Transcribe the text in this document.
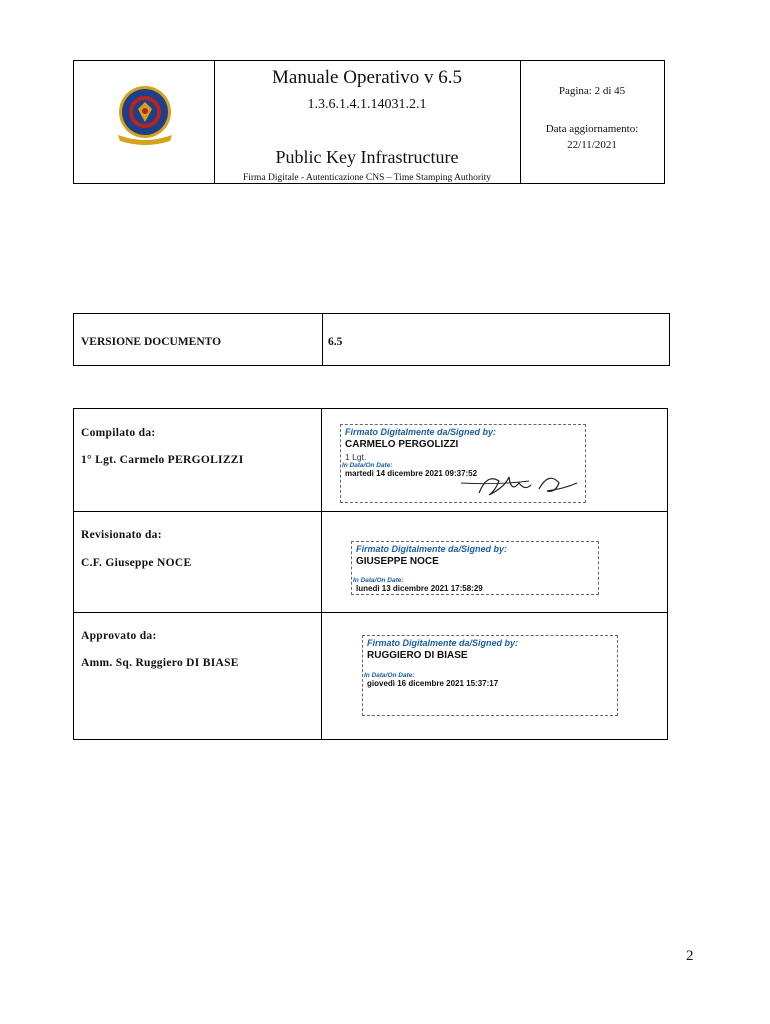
Manuale Operativo v 6.5
1.3.6.1.4.1.14031.2.1
Public Key Infrastructure
Firma Digitale - Autenticazione CNS – Time Stamping Authority
Pagina: 2 di 45
Data aggiornamento:
22/11/2021
VERSIONE DOCUMENTO	6.5
Compilato da:
1° Lgt. Carmelo PERGOLIZZI
Firmato Digitalmente da/Signed by:
CARMELO PERGOLIZZI
1 Lgt.
In Data/On Date:
martedì 14 dicembre 2021 09:37:52
Revisionato da:
C.F. Giuseppe NOCE
Firmato Digitalmente da/Signed by:
GIUSEPPE NOCE
In Data/On Date:
lunedì 13 dicembre 2021 17:58:29
Approvato da:
Amm. Sq. Ruggiero DI BIASE
Firmato Digitalmente da/Signed by:
RUGGIERO DI BIASE
In Data/On Date:
giovedì 16 dicembre 2021 15:37:17
2
